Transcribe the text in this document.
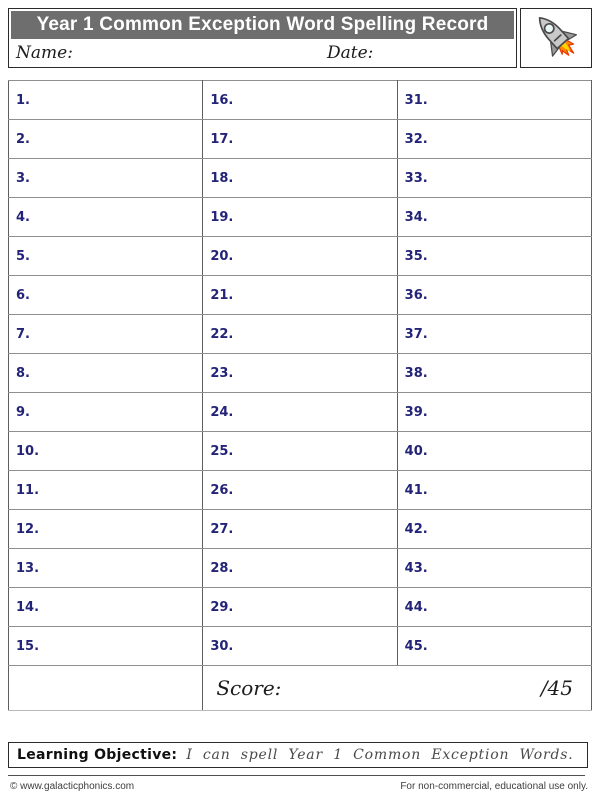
Year 1 Common Exception Word Spelling Record
Name:	Date:
1.	16.	31.
2.	17.	32.
3.	18.	33.
4.	19.	34.
5.	20.	35.
6.	21.	36.
7.	22.	37.
8.	23.	38.
9.	24.	39.
10.	25.	40.
11.	26.	41.
12.	27.	42.
13.	28.	43.
14.	29.	44.
15.	30.	45.

	Score: /45	
Learning Objective: I can spell Year 1 Common Exception Words.
© www.galacticphonics.com	For non-commercial, educational use only.
